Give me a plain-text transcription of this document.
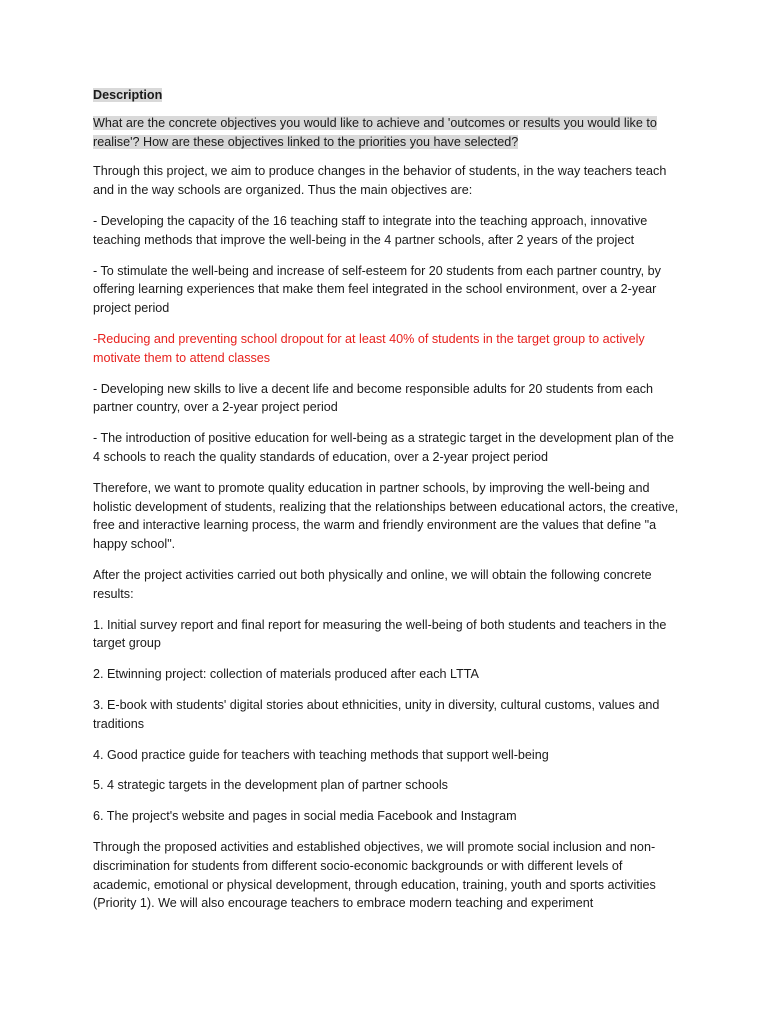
Description

What are the concrete objectives you would like to achieve and 'outcomes or results you would like to realise'? How are these objectives linked to the priorities you have selected?

Through this project, we aim to produce changes in the behavior of students, in the way teachers teach and in the way schools are organized. Thus the main objectives are:

- Developing the capacity of the 16 teaching staff to integrate into the teaching approach, innovative teaching methods that improve the well-being in the 4 partner schools, after 2 years of the project

- To stimulate the well-being and increase of self-esteem for 20 students from each partner country, by offering learning experiences that make them feel integrated in the school environment, over a 2-year project period

-Reducing and preventing school dropout for at least 40% of students in the target group to actively motivate them to attend classes

- Developing new skills to live a decent life and become responsible adults for 20 students from each partner country, over a 2-year project period

- The introduction of positive education for well-being as a strategic target in the development plan of the 4 schools to reach the quality standards of education, over a 2-year project period

Therefore, we want to promote quality education in partner schools, by improving the well-being and holistic development of students, realizing that the relationships between educational actors, the creative, free and interactive learning process, the warm and friendly environment are the values that define "a happy school".

After the project activities carried out both physically and online, we will obtain the following concrete results:

1. Initial survey report and final report for measuring the well-being of both students and teachers in the target group

2. Etwinning project: collection of materials produced after each LTTA

3. E-book with students' digital stories about ethnicities, unity in diversity, cultural customs, values and traditions

4. Good practice guide for teachers with teaching methods that support well-being

5. 4 strategic targets in the development plan of partner schools

6. The project's website and pages in social media Facebook and Instagram

Through the proposed activities and established objectives, we will promote social inclusion and non-discrimination for students from different socio-economic backgrounds or with different levels of academic, emotional or physical development, through education, training, youth and sports activities (Priority 1). We will also encourage teachers to embrace modern teaching and experiment
